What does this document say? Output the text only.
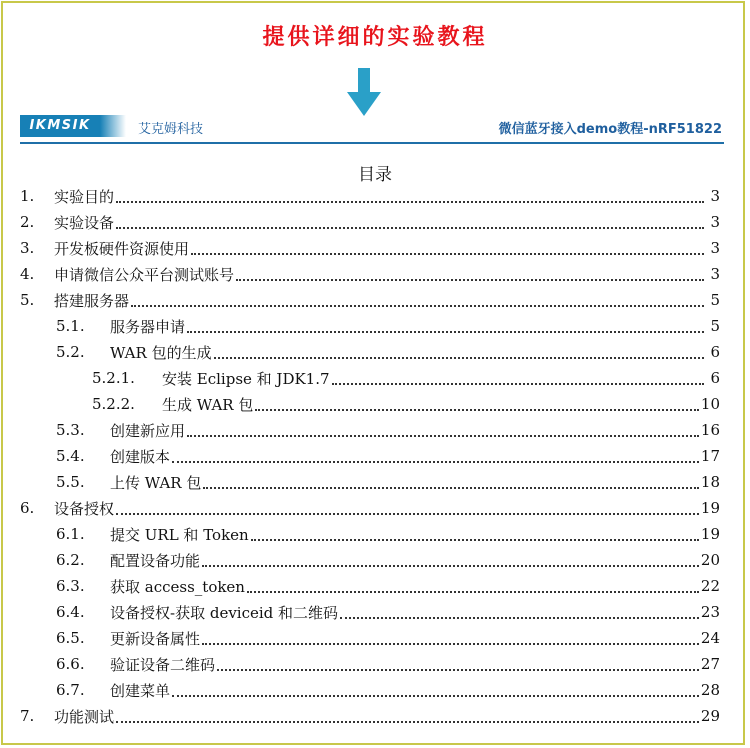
提供详细的实验教程
IKMSIK	艾克姆科技	微信蓝牙接入demo教程-nRF51822
目录
1.	实验目的	3
2.	实验设备	3
3.	开发板硬件资源使用	3
4.	申请微信公众平台测试账号	3
5.	搭建服务器	5
5.1.	服务器申请	5
5.2.	WAR 包的生成	6
5.2.1.	安装 Eclipse 和 JDK1.7	6
5.2.2.	生成 WAR 包	10
5.3.	创建新应用	16
5.4.	创建版本	17
5.5.	上传 WAR 包	18
6.	设备授权	19
6.1.	提交 URL 和 Token	19
6.2.	配置设备功能	20
6.3.	获取 access_token	22
6.4.	设备授权-获取 deviceid 和二维码	23
6.5.	更新设备属性	24
6.6.	验证设备二维码	27
6.7.	创建菜单	28
7.	功能测试	29
